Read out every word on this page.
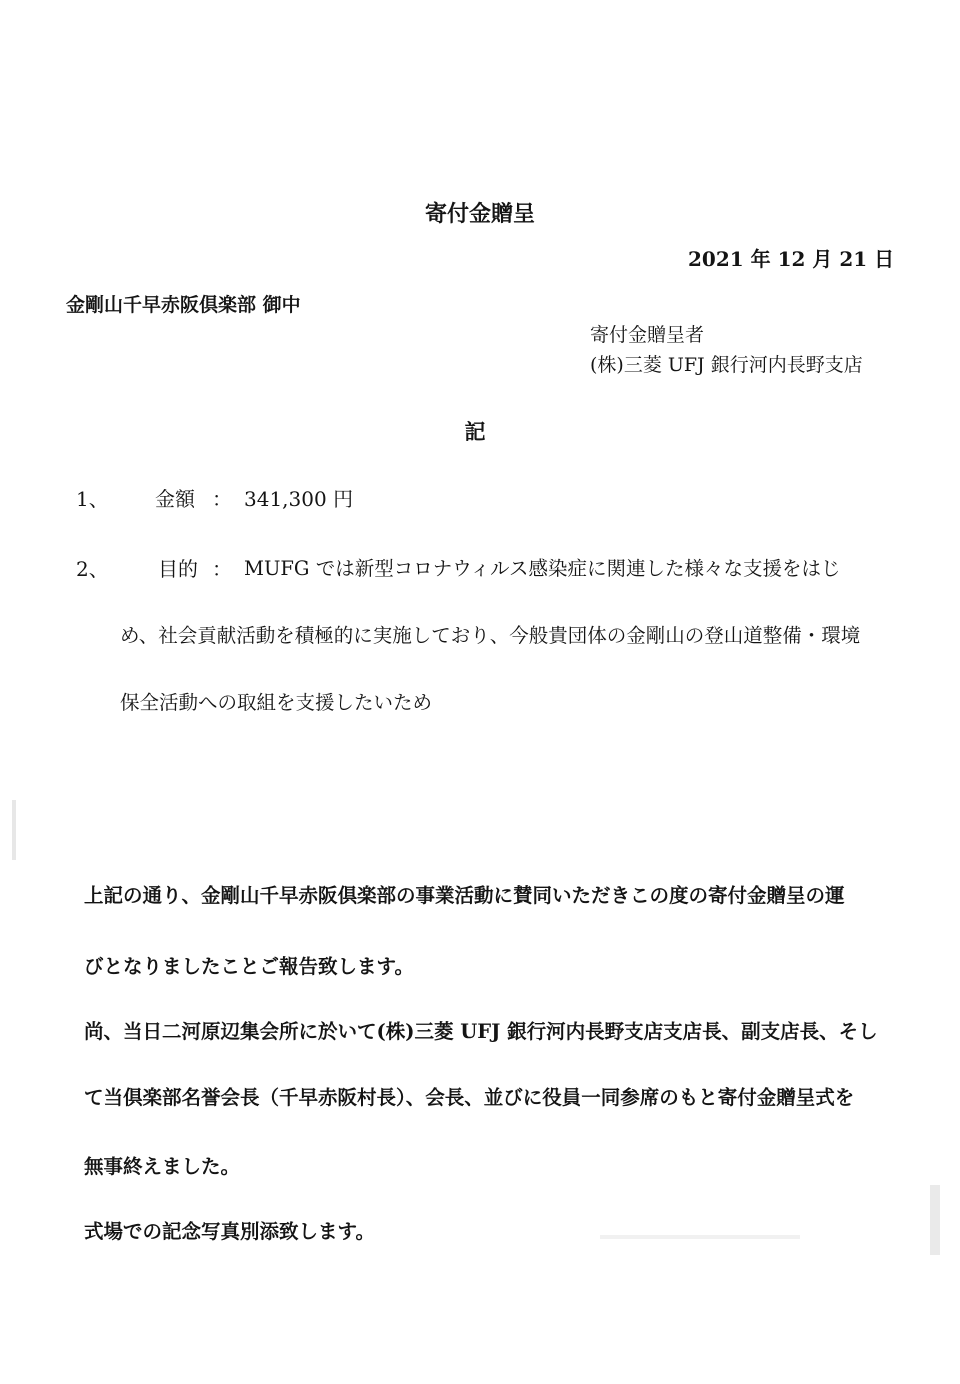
寄付金贈呈
2021 年 12 月 21 日
金剛山千早赤阪倶楽部 御中
寄付金贈呈者
(株)三菱 UFJ 銀行河内長野支店
記
1、 金額 ： 341,300 円
2、 目的 ： MUFG では新型コロナウィルス感染症に関連した様々な支援をはじ
め、社会貢献活動を積極的に実施しており、今般貴団体の金剛山の登山道整備・環境
保全活動への取組を支援したいため
上記の通り、金剛山千早赤阪倶楽部の事業活動に賛同いただきこの度の寄付金贈呈の運
びとなりましたことご報告致します。
尚、当日二河原辺集会所に於いて(株)三菱 UFJ 銀行河内長野支店支店長、副支店長、そし
て当倶楽部名誉会長（千早赤阪村長）、会長、並びに役員一同参席のもと寄付金贈呈式を
無事終えました。
式場での記念写真別添致します。
